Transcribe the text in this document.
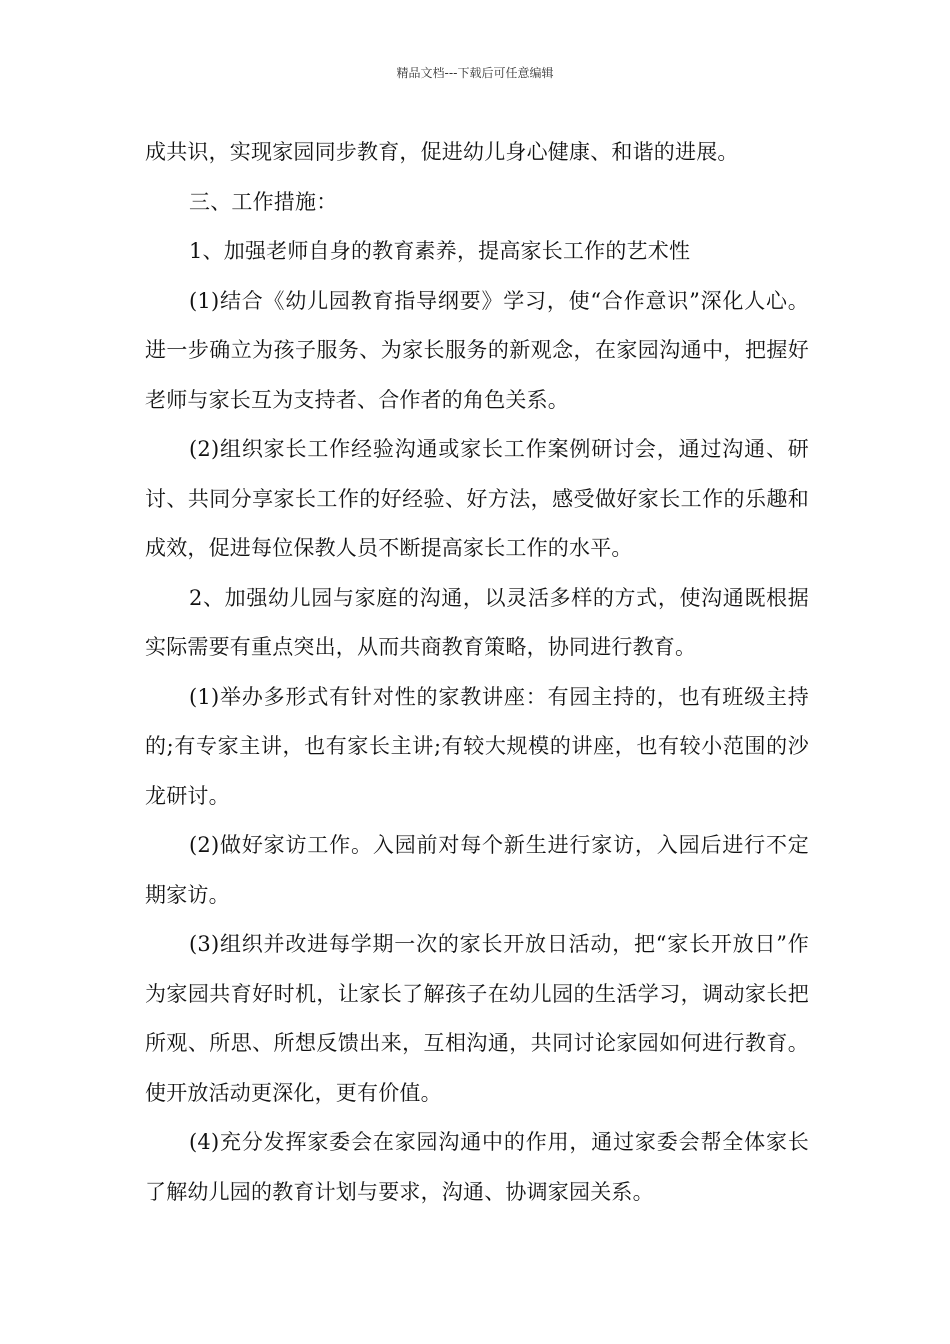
精品文档---下载后可任意编辑

成共识，实现家园同步教育，促进幼儿身心健康、和谐的进展。

三、工作措施：

1、加强老师自身的教育素养，提高家长工作的艺术性

(1)结合《幼儿园教育指导纲要》学习，使“合作意识”深化人心。进一步确立为孩子服务、为家长服务的新观念，在家园沟通中，把握好老师与家长互为支持者、合作者的角色关系。

(2)组织家长工作经验沟通或家长工作案例研讨会，通过沟通、研讨、共同分享家长工作的好经验、好方法，感受做好家长工作的乐趣和成效，促进每位保教人员不断提高家长工作的水平。

2、加强幼儿园与家庭的沟通，以灵活多样的方式，使沟通既根据实际需要有重点突出，从而共商教育策略，协同进行教育。

(1)举办多形式有针对性的家教讲座：有园主持的，也有班级主持的;有专家主讲，也有家长主讲;有较大规模的讲座，也有较小范围的沙龙研讨。

(2)做好家访工作。入园前对每个新生进行家访，入园后进行不定期家访。

(3)组织并改进每学期一次的家长开放日活动，把“家长开放日”作为家园共育好时机，让家长了解孩子在幼儿园的生活学习，调动家长把所观、所思、所想反馈出来，互相沟通，共同讨论家园如何进行教育。使开放活动更深化，更有价值。

(4)充分发挥家委会在家园沟通中的作用，通过家委会帮全体家长了解幼儿园的教育计划与要求，沟通、协调家园关系。
